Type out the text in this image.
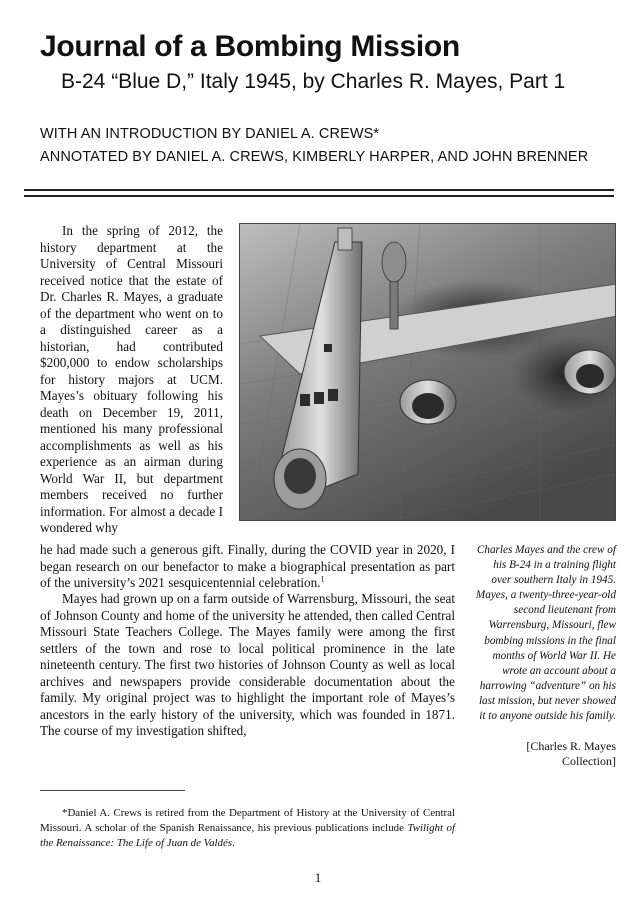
Journal of a Bombing Mission
B-24 “Blue D,” Italy 1945, by Charles R. Mayes, Part 1
WITH AN INTRODUCTION BY DANIEL A. CREWS*
ANNOTATED BY DANIEL A. CREWS, KIMBERLY HARPER, AND JOHN BRENNER
In the spring of 2012, the history department at the University of Central Missouri received notice that the estate of Dr. Charles R. Mayes, a graduate of the department who went on to a distinguished career as a historian, had contributed $200,000 to endow scholarships for history majors at UCM. Mayes’s obituary following his death on December 19, 2011, mentioned his many professional accomplishments as well as his experience as an airman during World War II, but department members received no further information. For almost a decade I wondered why
he had made such a generous gift. Finally, during the COVID year in 2020, I began research on our benefactor to make a biographical presentation as part of the university’s 2021 sesquicentennial celebration.$^1$
Mayes had grown up on a farm outside of Warrensburg, Missouri, the seat of Johnson County and home of the university he attended, then called Central Missouri State Teachers College. The Mayes family were among the first settlers of the town and rose to local political prominence in the late nineteenth century. The first two histories of Johnson County as well as local archives and newspapers provide considerable documentation about the family. My original project was to highlight the important role of Mayes’s ancestors in the early history of the university, which was founded in 1871. The course of my investigation shifted,
Charles Mayes and the crew of his B-24 in a training flight over southern Italy in 1945. Mayes, a twenty-three-year-old second lieutenant from Warrensburg, Missouri, flew bombing missions in the final months of World War II. He wrote an account about a harrowing “adventure” on his last mission, but never showed it to anyone outside his family.
[Charles R. Mayes Collection]
*Daniel A. Crews is retired from the Department of History at the University of Central Missouri. A scholar of the Spanish Renaissance, his previous publications include Twilight of the Renaissance: The Life of Juan de Valdés.
1
